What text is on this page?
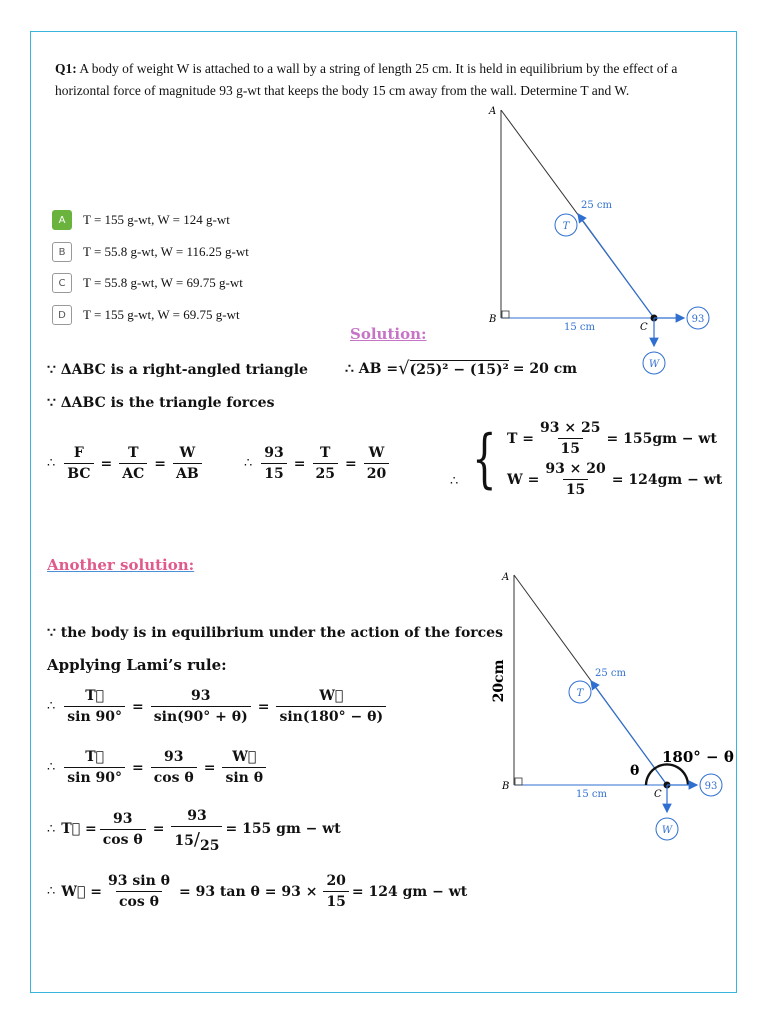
Q1: A body of weight W is attached to a wall by a string of length 25 cm. It is held in equilibrium by the effect of a horizontal force of magnitude 93 g-wt that keeps the body 15 cm away from the wall. Determine T and W.
A	T = 155 g-wt, W = 124 g-wt
B	T = 55.8 g-wt, W = 116.25 g-wt
C	T = 55.8 g-wt, W = 69.75 g-wt
D	T = 155 g-wt, W = 69.75 g-wt	93
W
T
25 cm
15 cm
A
B
C
Solution:
∵ ΔABC is a right-angled triangle	∴ AB = √ (25)² − (15)² = 20 cm
∵ ΔABC is the triangle forces
∴ $\frac{F}{BC} = \frac{T}{AC} = \frac{W}{AB}$	∴ $\frac{93}{15} = \frac{T}{25} = \frac{W}{20}$	∴ { $T = \frac{93 \times 25}{15} = 155gm$ − wt
$W = \frac{93 \times 20}{15} = 124gm$ − wt
Another solution:
93
W
T
25 cm
15 cm
A
B
C
20cm
θ
180° − θ
∵ the body is in equilibrium under the action of the forces
Applying Lami’s rule:
∴ $\frac{T⃗}{\sin 90^\circ} = \frac{93}{\sin(90^\circ + \theta)} = \frac{W⃗}{\sin(180^\circ - \theta)}$
∴ $\frac{T⃗}{\sin 90^\circ} = \frac{93}{\text{cos θ}} = \frac{W⃗}{\text{sin θ}}$
∴ T⃗ = $\frac{93}{\text{cos θ}} = \frac{93}{15/25} = 155$ gm − wt
∴ W⃗ = $\frac{\text{93 sin θ}}{\text{cos θ}} = 93$ $\tan \theta = 93 \times \frac{20}{15} = 124$ gm − wt
